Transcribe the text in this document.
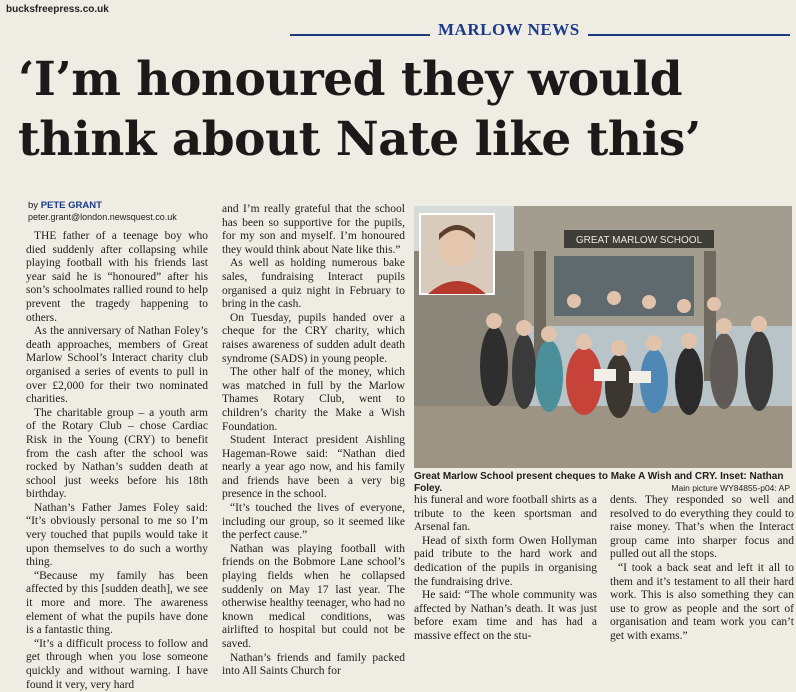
bucksfreepress.co.uk
MARLOW NEWS
‘I’m honoured they would
think about Nate like this’
by PETE GRANT
peter.grant@london.newsquest.co.uk

THE father of a teenage boy who died suddenly after collapsing while playing football with his friends last year said he is “honoured” after his son’s schoolmates rallied round to help prevent the tragedy happening to others.

As the anniversary of Nathan Foley’s death approaches, members of Great Marlow School’s Interact charity club organised a series of events to pull in over £2,000 for their two nominated charities.

The charitable group – a youth arm of the Rotary Club – chose Cardiac Risk in the Young (CRY) to benefit from the cash after the school was rocked by Nathan’s sudden death at school just weeks before his 18th birthday.

Nathan’s Father James Foley said: “It’s obviously personal to me so I’m very touched that pupils would take it upon themselves to do such a worthy thing.

“Because my family has been affected by this [sudden death], we see it more and more. The awareness element of what the pupils have done is a fantastic thing.

“It’s a difficult process to follow and get through when you lose someone quickly and without warning. I have found it very, very hard

and I’m really grateful that the school has been so supportive for the pupils, for my son and myself. I’m honoured they would think about Nate like this.”

As well as holding numerous bake sales, fundraising Interact pupils organised a quiz night in February to bring in the cash.

On Tuesday, pupils handed over a cheque for the CRY charity, which raises awareness of sudden adult death syndrome (SADS) in young people.

The other half of the money, which was matched in full by the Marlow Thames Rotary Club, went to children’s charity the Make a Wish Foundation.

Student Interact president Aishling Hageman-Rowe said: “Nathan died nearly a year ago now, and his family and friends have been a very big presence in the school.

“It’s touched the lives of everyone, including our group, so it seemed like the perfect cause.”

Nathan was playing football with friends on the Bobmore Lane school’s playing fields when he collapsed suddenly on May 17 last year. The otherwise healthy teenager, who had no known medical conditions, was airlifted to hospital but could not be saved.

Nathan’s friends and family packed into All Saints Church for

GREAT MARLOW SCHOOL
Great Marlow School present cheques to Make A Wish and CRY. Inset: Nathan Foley.	Main picture WY84855-p04: AP

his funeral and wore football shirts as a tribute to the keen sportsman and Arsenal fan.

Head of sixth form Owen Hollyman paid tribute to the hard work and dedication of the pupils in organising the fundraising drive.

He said: “The whole community was affected by Nathan’s death. It was just before exam time and has had a massive effect on the stu-

dents. They responded so well and resolved to do everything they could to raise money. That’s when the Interact group came into sharper focus and pulled out all the stops.

“I took a back seat and left it all to them and it’s testament to all their hard work. This is also something they can use to grow as people and the sort of organisation and team work you can’t get with exams.”
